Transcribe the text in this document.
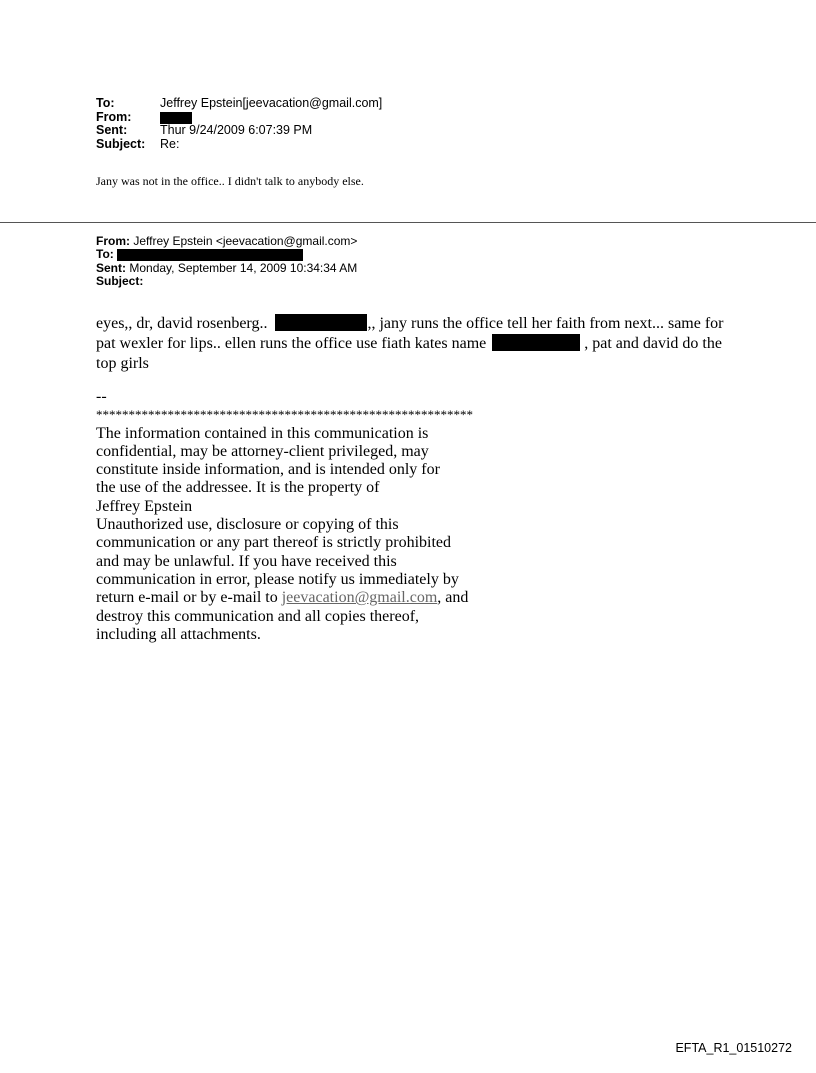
To:	Jeffrey Epstein[jeevacation@gmail.com]
From:
Sent:	Thur 9/24/2009 6:07:39 PM
Subject: Re:
Jany was not in the office.. I didn't talk to anybody else.
From: Jeffrey Epstein <jeevacation@gmail.com>
To:
Sent: Monday, September 14, 2009 10:34:34 AM
Subject:
eyes,, dr, david rosenberg..	,, jany runs the office tell her faith from next... same for
pat wexler for lips.. ellen runs the office use fiath kates name	, pat and david do the
top girls
--
**********************************************************
The information contained in this communication is
confidential, may be attorney-client privileged, may
constitute inside information, and is intended only for
the use of the addressee. It is the property of
Jeffrey Epstein
Unauthorized use, disclosure or copying of this
communication or any part thereof is strictly prohibited
and may be unlawful. If you have received this
communication in error, please notify us immediately by
return e-mail or by e-mail to jeevacation@gmail.com, and
destroy this communication and all copies thereof,
including all attachments.
EFTA_R1_01510272
